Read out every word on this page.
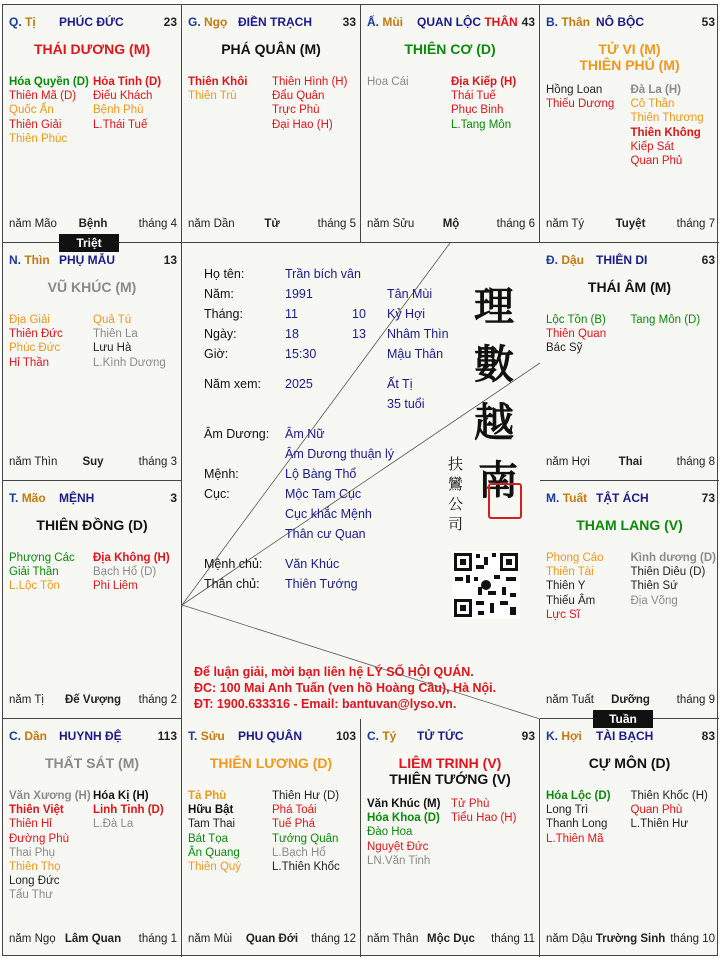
Q. Tị PHÚC ĐỨC	23
THÁI DƯƠNG (M)
Hóa Quyền (D)
Thiên Mã (D)
Quốc Ấn
Thiên Giải
Thiên Phúc
Hỏa Tinh (D)
Điếu Khách
Bệnh Phù
L.Thái Tuế
năm Mão	Bệnh	tháng 4
G. Ngọ ĐIỀN TRẠCH	33
PHÁ QUÂN (M)
Thiên Khôi
Thiên Trù
Thiên Hình (H)
Đẩu Quân
Trực Phù
Đại Hao (H)
năm Dần	Tử	tháng 5
Ấ. Mùi QUAN LỘC THÂN 43
THIÊN CƠ (D)
Hoa Cái	Địa Kiếp (H)
Thái Tuế
Phục Binh
L.Tang Môn
năm Sửu	Mộ	tháng 6
B. Thân NÔ BỘC	53
TỬ VI (M)
THIÊN PHỦ (M)
Hồng Loan
Thiếu Dương
Đà La (H)
Cô Thần
Thiên Thương
Thiên Không
Kiếp Sát
Quan Phủ
năm Tý	Tuyệt	tháng 7
N. Thìn PHỤ MẪU	13
VŨ KHÚC (M)
Địa Giải
Thiên Đức
Phúc Đức
Hỉ Thần
Quả Tú
Thiên La
Lưu Hà
L.Kình Dương
năm Thìn	Suy	tháng 3
Đ. Dậu THIÊN DI	63
THÁI ÂM (M)
Lộc Tồn (B)
Thiên Quan
Bác Sỹ
Tang Môn (D)
năm Hợi	Thai	tháng 8
T. Mão MỆNH	3
THIÊN ĐỒNG (D)
Phượng Các
Giải Thần
L.Lộc Tồn
Địa Không (H)
Bạch Hổ (D)
Phi Liêm
năm Tị	Đế Vượng	tháng 2
M. Tuất TẬT ÁCH	73
THAM LANG (V)
Phong Cáo
Thiên Tài
Thiên Y
Thiếu Âm
Lực Sĩ
Kình dương (D)
Thiên Diêu (D)
Thiên Sứ
Địa Võng
năm Tuất	Dưỡng	tháng 9
C. Dần HUYNH ĐỆ	113
THẤT SÁT (M)
Văn Xương (H)
Thiên Việt
Thiên Hỉ
Đường Phù
Thai Phụ
Thiên Thọ
Long Đức
Tấu Thư
Hóa Kị (H)
Linh Tinh (D)
L.Đà La
năm Ngọ Lâm Quan	tháng 1
T. Sửu PHU QUÂN	103
THIÊN LƯƠNG (D)
Tả Phù
Hữu Bật
Tam Thai
Bát Tọa
Ân Quang
Thiên Quý
Thiên Hư (D)
Phá Toái
Tuế Phá
Tướng Quân
L.Bạch Hổ
L.Thiên Khốc
năm Mùi	Quan Đới	tháng 12
C. Tý TỬ TỨC	93
LIÊM TRINH (V)
THIÊN TƯỚNG (V)
Văn Khúc (M)
Hóa Khoa (D)
Đào Hoa
Nguyệt Đức
LN.Văn Tinh
Tử Phù
Tiểu Hao (H)
năm Thân Mộc Dục	tháng 11
K. Hợi TÀI BẠCH	83
CỰ MÔN (D)
Hóa Lộc (D)
Long Trì
Thanh Long
L.Thiên Mã
Thiên Khốc (H)
Quan Phù
L.Thiên Hư
năm Dậu Trường Sinh tháng 10
Triệt
Tuần
Họ tên:	Trần bích vân
Năm:	1991	Tân Mùi
Tháng:	11	10 Kỷ Hợi
Ngày:	18	13 Nhâm Thìn
Giờ:	15:30	Mậu Thân
Năm xem: 2025	Ất Tị
35 tuổi
Âm Dương: Âm Nữ
Âm Dương thuận lý
Mệnh:	Lộ Bàng Thổ
Cục:	Mộc Tam Cục
Cục khắc Mệnh
Thân cư Quan
Mệnh chủ: Văn Khúc
Thân chủ: Thiên Tướng
理
數
越
南
扶
鸞
公
司
Để luận giải, mời bạn liên hệ LÝ SỐ HỘI QUÁN.
ĐC: 100 Mai Anh Tuấn (ven hồ Hoàng Cầu), Hà Nội.
ĐT: 1900.633316 - Email: bantuvan@lyso.vn.
